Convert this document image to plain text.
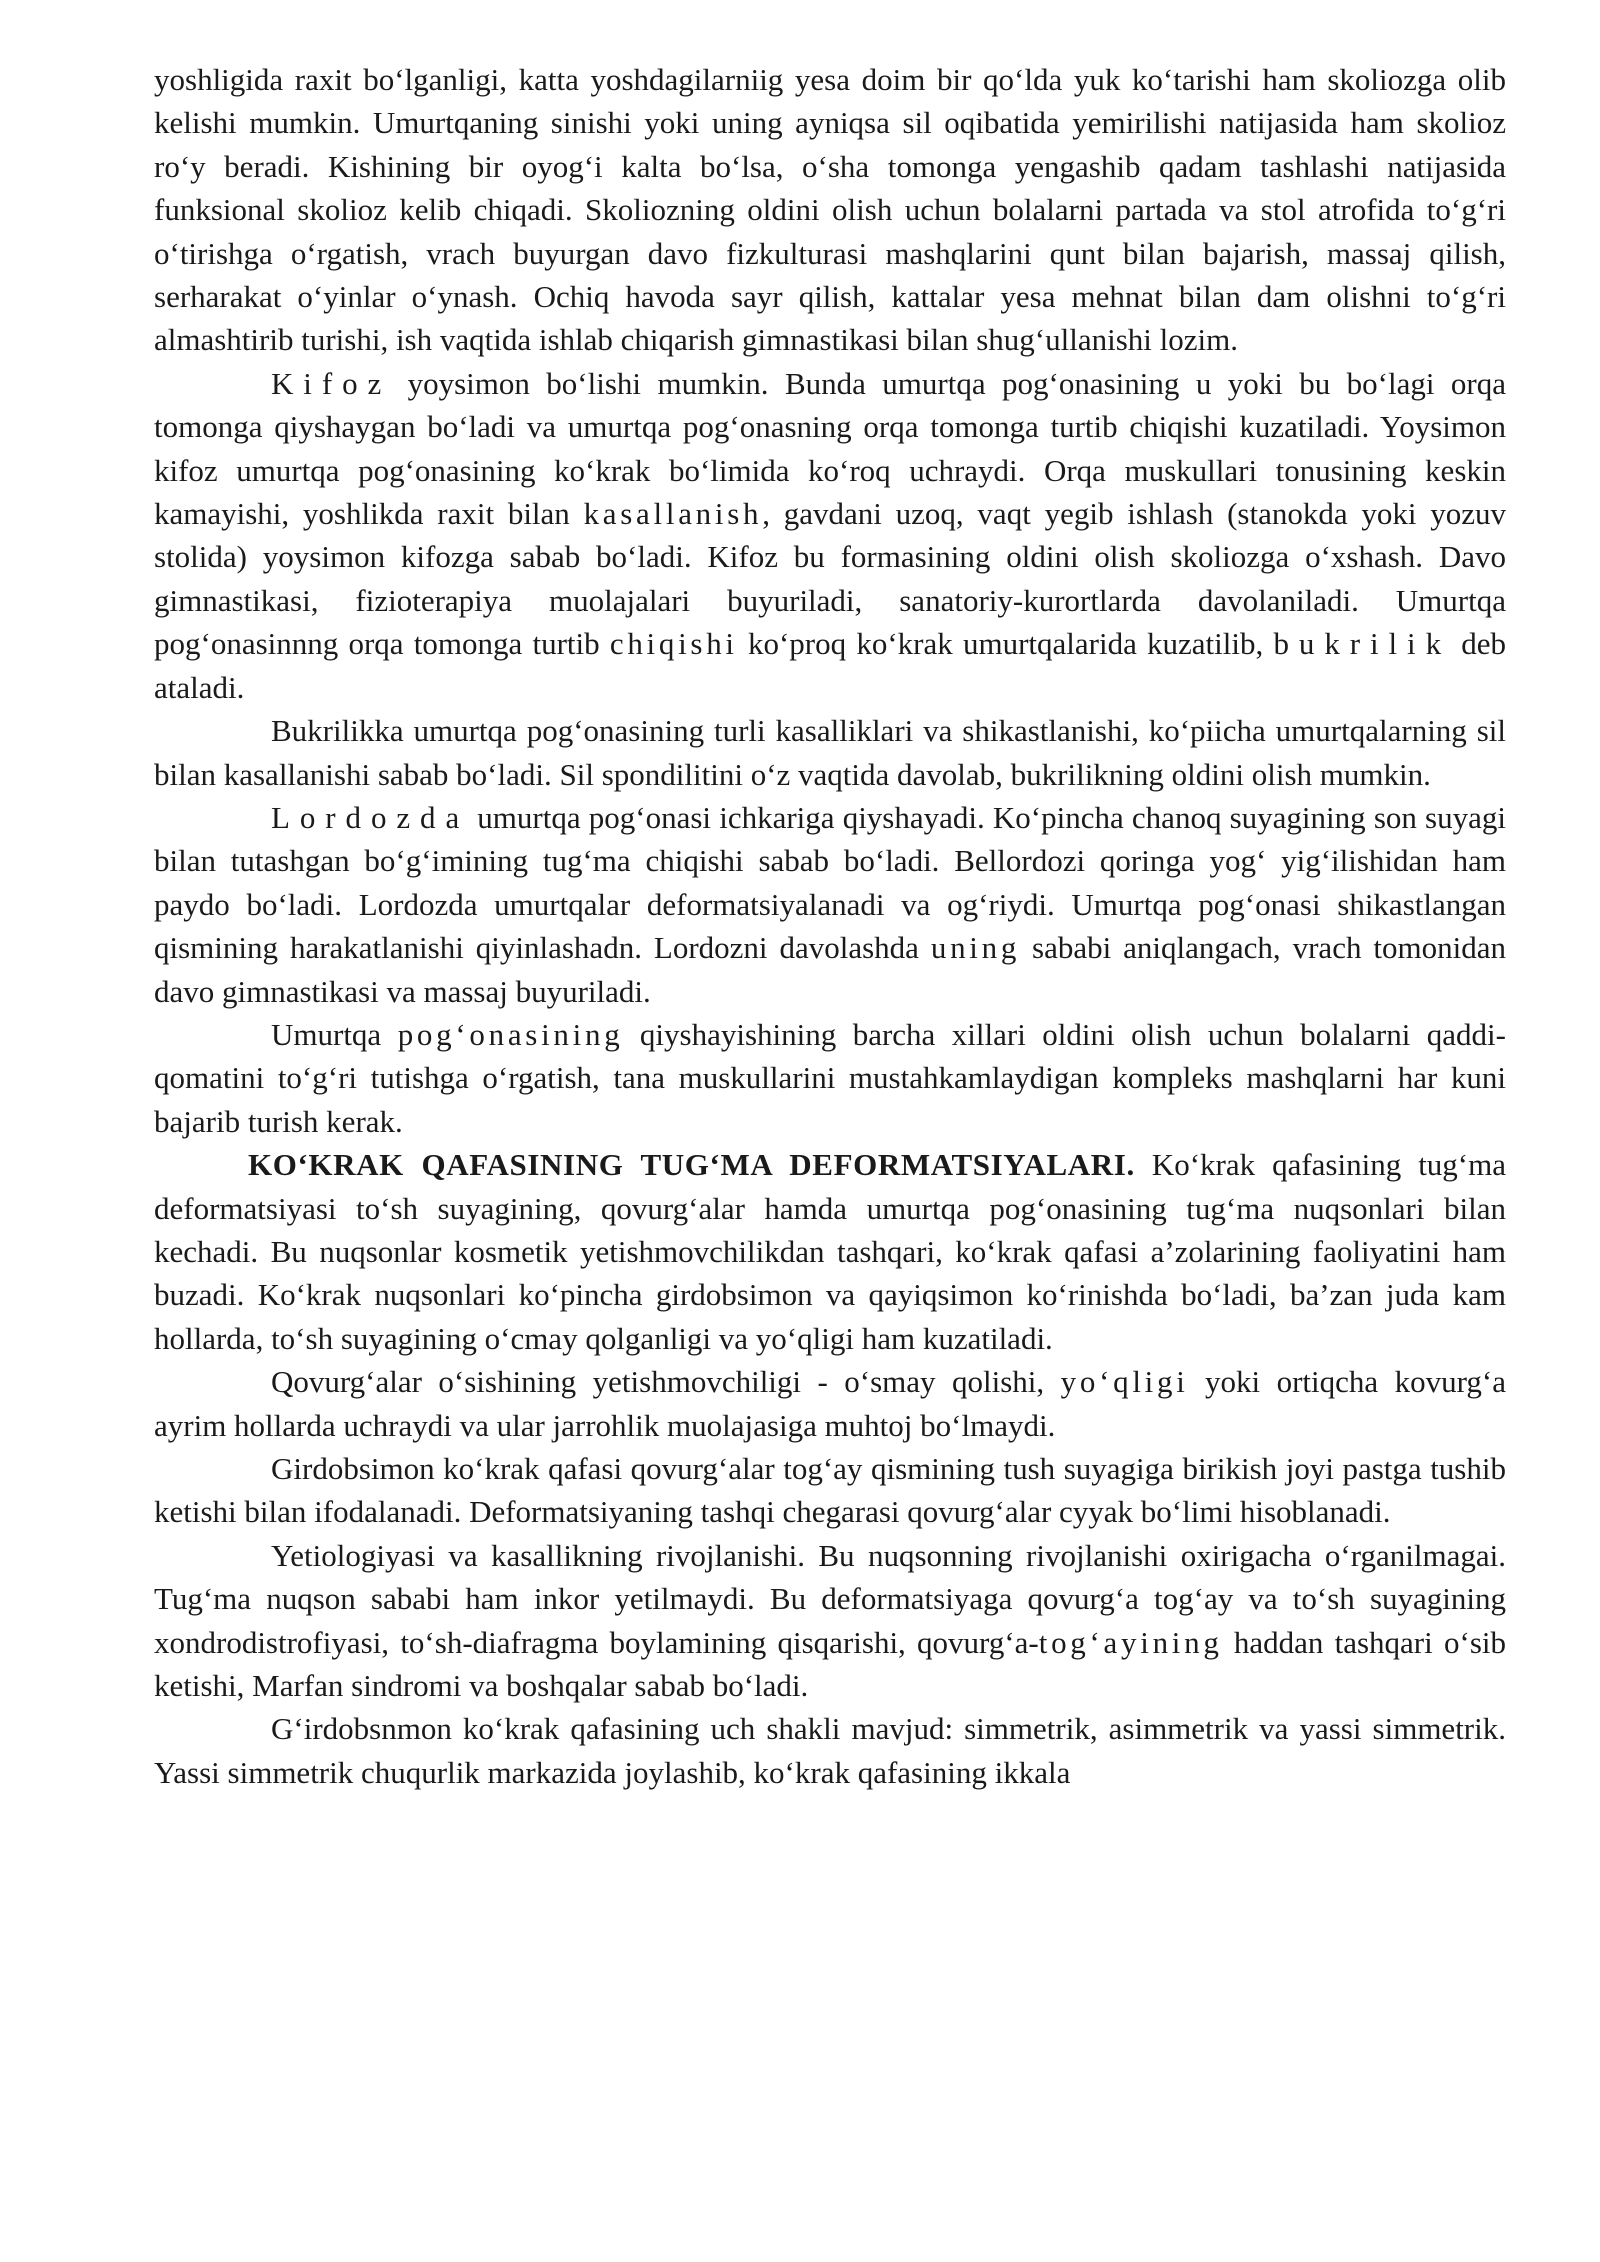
yoshligida raxit bo‘lganligi, katta yoshdagilarniig yesa doim bir qo‘lda yuk ko‘tarishi ham skoliozga olib kelishi mumkin. Umurtqaning sinishi yoki uning ayniqsa sil oqibatida yemirilishi natijasida ham skolioz ro‘y beradi. Kishining bir oyog‘i kalta bo‘lsa, o‘sha tomonga yengashib qadam tashlashi natijasida funksional skolioz kelib chiqadi. Skoliozning oldini olish uchun bolalarni partada va stol atrofida to‘g‘ri o‘tirishga o‘rgatish, vrach buyurgan davo fizkulturasi mashqlarini qunt bilan bajarish, massaj qilish, serharakat o‘yinlar o‘ynash. Ochiq havoda sayr qilish, kattalar yesa mehnat bilan dam olishni to‘g‘ri almashtirib turishi, ish vaqtida ishlab chiqarish gimnastikasi bilan shug‘ullanishi lozim.

Kifoz yoysimon bo‘lishi mumkin. Bunda umurtqa pog‘onasining u yoki bu bo‘lagi orqa tomonga qiyshaygan bo‘ladi va umurtqa pog‘onasning orqa tomonga turtib chiqishi kuzatiladi. Yoysimon kifoz umurtqa pog‘onasining ko‘krak bo‘limida ko‘roq uchraydi. Orqa muskullari tonusining keskin kamayishi, yoshlikda raxit bilan kasallanish, gavdani uzoq, vaqt yegib ishlash (stanokda yoki yozuv stolida) yoysimon kifozga sabab bo‘ladi. Kifoz bu formasining oldini olish skoliozga o‘xshash. Davo gimnastikasi, fizioterapiya muolajalari buyuriladi, sanatoriy-kurortlarda davolaniladi. Umurtqa pog‘onasinnng orqa tomonga turtib chiqishi ko‘proq ko‘krak umurtqalarida kuzatilib, bukrilik deb ataladi.

Bukrilikka umurtqa pog‘onasining turli kasalliklari va shikastlanishi, ko‘piicha umurtqalarning sil bilan kasallanishi sabab bo‘ladi. Sil spondilitini o‘z vaqtida davolab, bukrilikning oldini olish mumkin.

Lordozda umurtqa pog‘onasi ichkariga qiyshayadi. Ko‘pincha chanoq suyagining son suyagi bilan tutashgan bo‘g‘imining tug‘ma chiqishi sabab bo‘ladi. Bellordozi qoringa yog‘ yig‘ilishidan ham paydo bo‘ladi. Lordozda umurtqalar deformatsiyalanadi va og‘riydi. Umurtqa pog‘onasi shikastlangan qismining harakatlanishi qiyinlashadn. Lordozni davolashda uning sababi aniqlangach, vrach tomonidan davo gimnastikasi va massaj buyuriladi.

Umurtqa pog‘onasining qiyshayishining barcha xillari oldini olish uchun bolalarni qaddi-qomatini to‘g‘ri tutishga o‘rgatish, tana muskullarini mustahkamlaydigan kompleks mashqlarni har kuni bajarib turish kerak.

KO‘KRAK QAFASINING TUG‘MA DEFORMATSIYALARI. Ko‘krak qafasining tug‘ma deformatsiyasi to‘sh suyagining, qovurg‘alar hamda umurtqa pog‘onasining tug‘ma nuqsonlari bilan kechadi. Bu nuqsonlar kosmetik yetishmovchilikdan tashqari, ko‘krak qafasi a’zolarining faoliyatini ham buzadi. Ko‘krak nuqsonlari ko‘pincha girdobsimon va qayiqsimon ko‘rinishda bo‘ladi, ba’zan juda kam hollarda, to‘sh suyagining o‘cmay qolganligi va yo‘qligi ham kuzatiladi.

Qovurg‘alar o‘sishining yetishmovchiligi - o‘smay qolishi, yo‘qligi yoki ortiqcha kovurg‘a ayrim hollarda uchraydi va ular jarrohlik muolajasiga muhtoj bo‘lmaydi.

Girdobsimon ko‘krak qafasi qovurg‘alar tog‘ay qismining tush suyagiga birikish joyi pastga tushib ketishi bilan ifodalanadi. Deformatsiyaning tashqi chegarasi qovurg‘alar cyyak bo‘limi hisoblanadi.

Yetiologiyasi va kasallikning rivojlanishi. Bu nuqsonning rivojlanishi oxirigacha o‘rganilmagai. Tug‘ma nuqson sababi ham inkor yetilmaydi. Bu deformatsiyaga qovurg‘a tog‘ay va to‘sh suyagining xondrodistrofiyasi, to‘sh-diafragma boylamining qisqarishi, qovurg‘a-tog‘ayining haddan tashqari o‘sib ketishi, Marfan sindromi va boshqalar sabab bo‘ladi.

G‘irdobsnmon ko‘krak qafasining uch shakli mavjud: simmetrik, asimmetrik va yassi simmetrik. Yassi simmetrik chuqurlik markazida joylashib, ko‘krak qafasining ikkala
